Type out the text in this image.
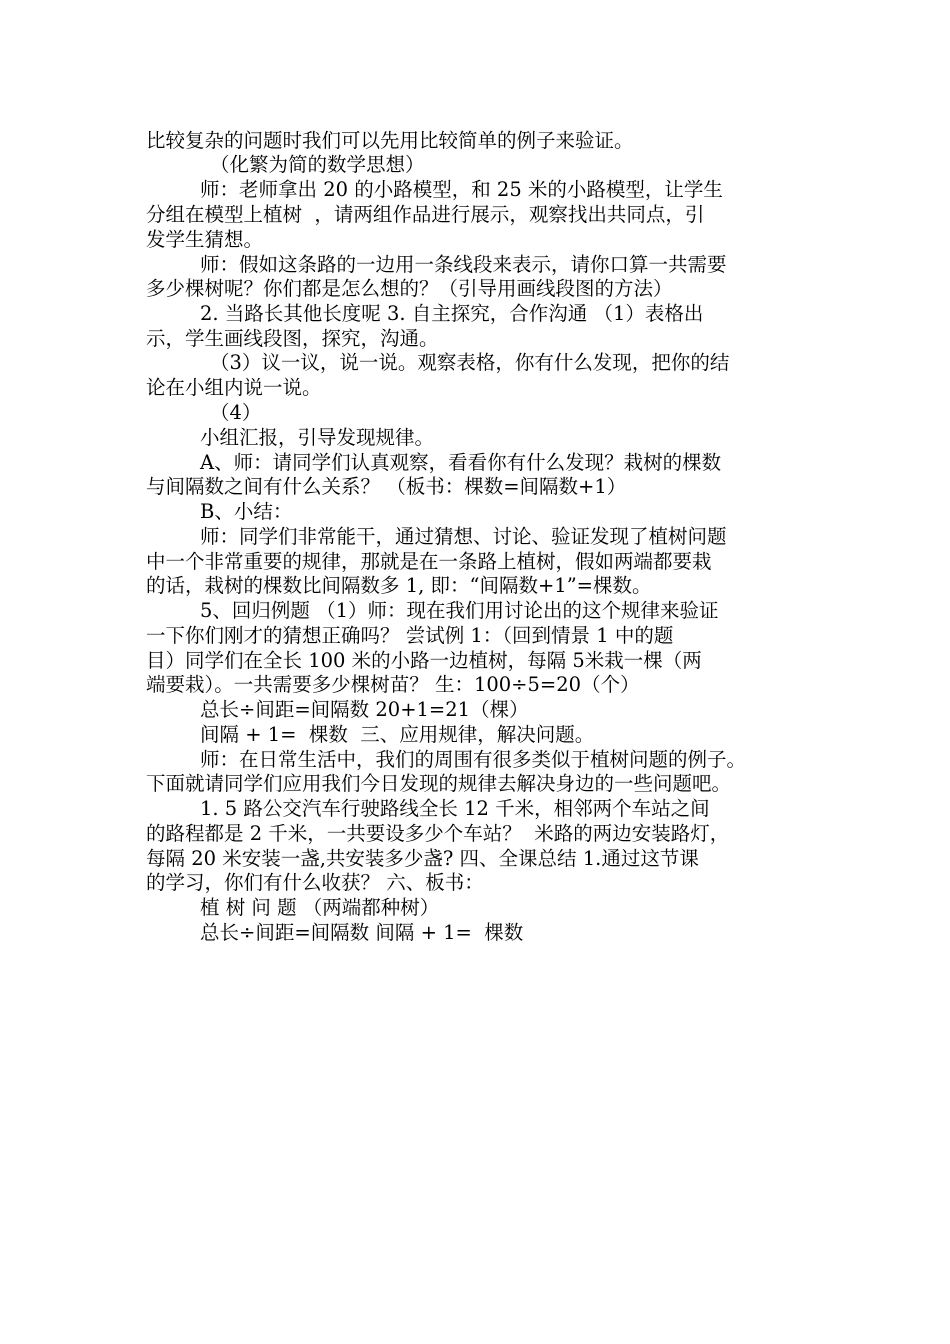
比较复杂的问题时我们可以先用比较简单的例子来验证。
（化繁为简的数学思想）
师：老师拿出 20 的小路模型，和 25 米的小路模型，让学生
分组在模型上植树  ，请两组作品进行展示，观察找出共同点，引
发学生猜想。
师：假如这条路的一边用一条线段来表示，请你口算一共需要
多少棵树呢？你们都是怎么想的？（引导用画线段图的方法）
2. 当路长其他长度呢 3. 自主探究，合作沟通 （1）表格出
示，学生画线段图，探究，沟通。
（3）议一议，说一说。观察表格，你有什么发现，把你的结
论在小组内说一说。
（4）
小组汇报，引导发现规律。
A、师：请同学们认真观察，看看你有什么发现？栽树的棵数
与间隔数之间有什么关系？ （板书：棵数=间隔数+1）
B、小结：
师：同学们非常能干，通过猜想、讨论、验证发现了植树问题
中一个非常重要的规律，那就是在一条路上植树，假如两端都要栽
的话，栽树的棵数比间隔数多 1, 即：“间隔数+1”=棵数。
5、回归例题 （1）师：现在我们用讨论出的这个规律来验证
一下你们刚才的猜想正确吗？ 尝试例 1：（回到情景 1 中的题
目）同学们在全长 100 米的小路一边植树，每隔 5米栽一棵（两
端要栽）。一共需要多少棵树苗？ 生：100÷5=20（个）
总长÷间距=间隔数 20+1=21（棵）
间隔 + 1=  棵数  三、应用规律，解决问题。
师：在日常生活中，我们的周围有很多类似于植树问题的例子。
下面就请同学们应用我们今日发现的规律去解决身边的一些问题吧。
1. 5 路公交汽车行驶路线全长 12 千米，相邻两个车站之间
的路程都是 2 千米，一共要设多少个车站？  米路的两边安装路灯，
每隔 20 米安装一盏,共安装多少盏? 四、全课总结 1.通过这节课
的学习，你们有什么收获？ 六、板书：
植 树 问 题 （两端都种树）
总长÷间距=间隔数 间隔 + 1=  棵数
